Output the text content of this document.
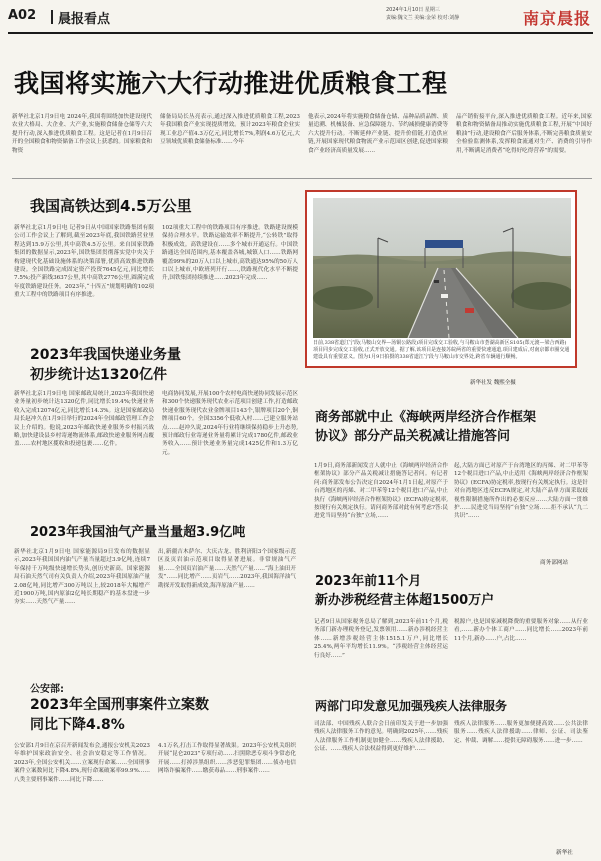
A02 晨报看点
2024年1月10日 星期三
责编:魏文兰 美编:金荣 校对:刘静	南京晨报
我国将实施六大行动推进优质粮食工程
新华社北京1月9日电 2024年,我国将围绕加快建设现代农业大格局、大企业、大产业,实施粮食储备仓储等六大提升行动,深入推进优质粮食工程。这是记者在1月9日召开的全国粮食和物资储备工作会议上获悉的。国家粮食和物资
储备局局长丛亮表示,通过深入推进优质粮食工程,2023年我国粮食产业实现提质增效。预计2023年粮食企业实现工业总产值4.3万亿元,同比增长7%,利润4.6万亿元,大豆领域优质粮食储备标准……今年
他表示,2024年将实施粮食储备仓储、品种品质品牌、质量追溯、机械装备、应急保障能力、节约减损健康消费等六大提升行动。不断延伸产业链、提升价值链,打造供应链,开展国家现代粮食物流产业示范园区创建,促进国家粮食产业经济高质量发展……
品产销衔接平台,深入推进优质粮食工程。近年来,国家粮食和物资储备局推动实施优质粮食工程,开展“中国好粮油”行动,建设粮食产后服务体系,不断完善粮食质量安全检验监测体系,发挥粮食流通对生产、消费的引导作用,不断满足消费者“吃得好吃得营养”的需要。
我国高铁达到4.5万公里
新华社北京1月9日电 记者9日从中国国家铁路集团有限公司工作会议上了解到,截至2023年底,我国铁路营业里程达到15.9万公里,其中高铁4.5万公里。来自国家铁路集团的数据显示,2023年,国铁集团贯彻落实党中央关于构建现代化基础设施体系的决策部署,优质高效推进铁路建设。全国铁路完成固定资产投资7645亿元,同比增长7.5%;投产新线3637公里,其中高铁2776公里,圆满完成年度铁路建设任务。2023年,“十四五”规划明确的102项重大工程中的铁路项目有序推进。
102项重大工程中的铁路项目有序推进。铁路建设规模保持合理水平。铁路运输效率不断提升,“公转铁”取得积极成效。高铁建设在……多个城市开通运行。中国铁路通达全国范围内,基本覆盖各城,城镇人口……铁路网覆盖99%的20万人口以上城市,高铁通达95%的50万人口以上城市,中欧班列开行……,铁路现代化水平不断提升,国铁集团持续推进……2023年完成……
日前,338省道江宁段(马鞍山交界—汤铜公路段)项目完成交工验收,与马鞍山市荟湖高新区S105(郑元渡—梁合西路)项目同步完成交工验收,正式开放交通。据了解,该项目是连接苏皖两省的重要快速通道,项目建成后,对南京都市圈交通建设具有重要意义。图为1月9日拍摄的338省道江宁段与马鞍山市交界处,跨省车辆通行顺畅。
新华社发 魏熙全摄
2023年我国快递业务量
初步统计达1320亿件
新华社北京1月9日电 国家邮政局统计,2023年我国快递业务量初步统计达1320亿件,同比增长19.4%;快递业务收入完成12074亿元,同比增长14.3%。这是国家邮政局局长赵冲久在1月9日举行的2024年全国邮政管理工作会议上介绍的。他说,2023年邮政快递业服务乡村振兴战略,加快建设县乡村寄递物流体系,邮政快递业服务网点覆盖……农村地区揽收和投递包裹……亿件。
电商协同发展,开展100个农村电商快递协同发展示范区和300个快递服务现代农业示范项目创建工作,打造邮政快递业服务现代农业金牌项目143个,银牌项目20个,铜牌项目60个。全国3356个低收入村……已建立服务站点……赵冲久说,2024年行业将继续保持稳步上升态势,预计邮政行业寄递业务量将累计完成1780亿件,邮政业务收入……预计快递业务量完成1425亿件和1.3万亿元。
商务部就中止《海峡两岸经济合作框架
协议》部分产品关税减让措施答问
1月9日,商务部新闻发言人就中止《海峡两岸经济合作框架协议》部分产品关税减让措施答记者问。有记者问:商务部发布公告决定自2024年1月1日起,对原产于台湾地区的丙烯、对二甲苯等12个税目进口产品,中止执行《海峡两岸经济合作框架协议》(ECFA)协定税率,按现行有关规定执行。请问商务部对此有何考虑?答:民进党当局坚持“台独”立场,……
起,大陆方面已对原产于台湾地区的丙烯、对二甲苯等12个税目进口产品,中止适用《海峡两岸经济合作框架协议》(ECFA)协定税率,按现行有关规定执行。这是针对台湾地区违反ECFA规定,对大陆产品单方面采取歧视性限制措施所作出的必要反应……大陆方面一贯维护……民进党当局坚持“台独”立场……拒不承认“九二共识”……
商务部网站
2023年我国油气产量当量超3.9亿吨
新华社北京1月9日电 国家能源局9日发布的数据显示,2023年我国国内油气产量当量超过3.9亿吨,连续7年保持千万吨级快速增长势头,创历史新高。国家能源局石油天然气司有关负责人介绍,2023年我国原油产量2.08亿吨,同比增产300万吨以上,较2018年大幅增产近1900万吨,国内原油2亿吨长期稳产的基本盘进一步夯实……天然气产量……
出,新疆吉木萨尔、大庆古龙、胜利济阳3个国家级示范区及页岩油示范项目取得显著进展。非常规油气产量……全国页岩油产量……天然气产量……“海上油田开发”……同比增产……页岩气……2023年,我国海洋油气勘探开发取得新成效,海洋原油产量……	2023年前11个月
新办涉税经营主体超1500万户
记者9日从国家税务总局了解到,2023年前11个月,税务部门新办理税务登记,发票领用……新办涉税经营主体……新增涉税经营主体1515.1万户,同比增长25.4%,两年平均增长11.9%。“涉税经营主体经营运行良好……”
税源户,也是国家减税降费的重要服务对象……从行业看,……新办个体工商户……同比增长……2023年前11个月,新办……户,占比……
公安部:
2023年全国刑事案件立案数
同比下降4.8%
公安部1月9日在京召开新闻发布会,通报公安机关2023年维护国家政治安全、社会治安稳定等工作情况。2023年,全国公安机关……立案现行命案……全国刑事案件立案数同比下降4.8%,现行命案破案率99.9%……八类主要刑事案件……同比下降……
4.1万名,打击工作取得显著战果。2023年公安机关组织开展“昆仑2023”专项行动……扫黑除恶专项斗争常态化开展……打掉涉黑组织……涉恶犯罪集团……侦办电信网络诈骗案件……缴获毒品……刑事案件……
两部门印发意见加强残疾人法律服务
司法部、中国残疾人联合会日前印发关于进一步加强残疾人法律服务工作的意见。明确到2025年,……残疾人法律服务工作机制更加健全……残疾人法律援助、公证、……残疾人合法权益得到更好维护……
残疾人法律服务……服务更加便捷高效……公共法律服务……残疾人法律援助……律师、公证、司法鉴定、仲裁、调解……提供无障碍服务……进一步……
新华社
